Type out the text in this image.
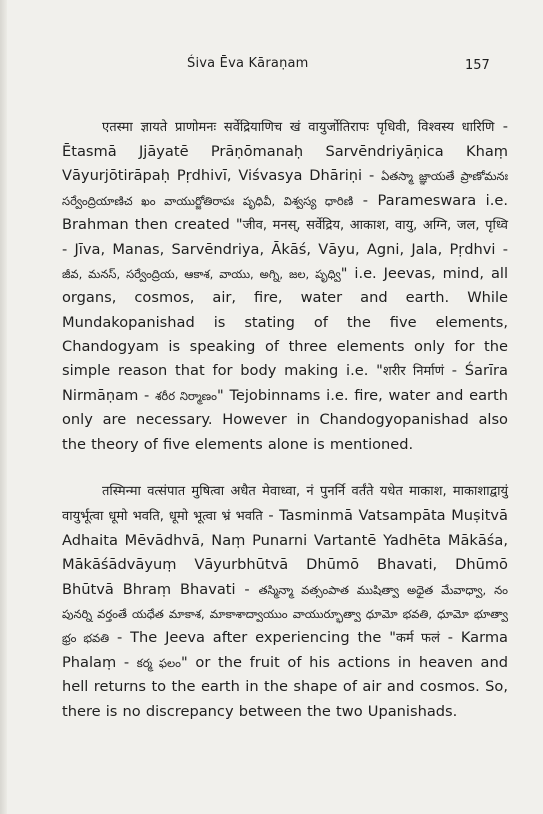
Śiva Ēva Kāraṇam	157

एतस्मा ज्ञायते प्राणोमनः सर्वेद्रियाणिच खं वायुर्जोतिरापः पृधिवी, विश्वस्य धारिणि - Ētasmā Jjāyatē Prāṇōmanaḥ Sarvēndriyāṇica Khaṃ Vāyurjōtirāpaḥ Pṛdhivī, Viśvasya Dhāriṇi - ఏతస్మా జ్ఞాయతే ప్రాణోమనః సర్వేంద్రియాణిచ ఖం వాయుర్జోతిరాపః పృధివీ, విశ్వస్య ధారిణి - Parameswara i.e. Brahman then created "जीव, मनस्, सर्वेद्रिय, आकाश, वायु, अग्नि, जल, पृध्वि - Jīva, Manas, Sarvēndriya, Ākāś, Vāyu, Agni, Jala, Pṛdhvi - జీవ, మనస్, సర్వేంద్రియ, ఆకాశ, వాయు, అగ్ని, జల, పృధ్వి" i.e. Jeevas, mind, all organs, cosmos, air, fire, water and earth. While Mundakopanishad is stating of the five elements, Chandogyam is speaking of three elements only for the simple reason that for body making i.e. "शरीर निर्माणं - Śarīra Nirmāṇam - శరీర నిర్మాణం" Tejobinnams i.e. fire, water and earth only are necessary. However in Chandogyopanishad also the theory of five elements alone is mentioned.

तस्मिन्मा वत्संपात मुषित्वा अधैत मेवाध्वा, नं पुनर्नि वर्तंते यधेत माकाश, माकाशाद्वायुं वायुर्भूत्वा धूमो भवति, धूमो भूत्वा भ्रं भवति - Tasminmā Vatsampāta Muṣitvā Adhaita Mēvādhvā, Naṃ Punarni Vartantē Yadhēta Mākāśa, Mākāśādvāyuṃ Vāyurbhūtvā Dhūmō Bhavati, Dhūmō Bhūtvā Bhraṃ Bhavati - తస్మిన్మా వత్సంపాత ముషిత్వా అధైత మేవాధ్వా, నం పునర్ని వర్తంతే యధేత మాకాశ, మాకాశాద్వాయుం వాయుర్భూత్వా ధూమో భవతి, ధూమో భూత్వా భ్రం భవతి - The Jeeva after experiencing the "कर्म फलं - Karma Phalaṃ - కర్మ ఫలం" or the fruit of his actions in heaven and hell returns to the earth in the shape of air and cosmos. So, there is no discrepancy between the two Upanishads.
